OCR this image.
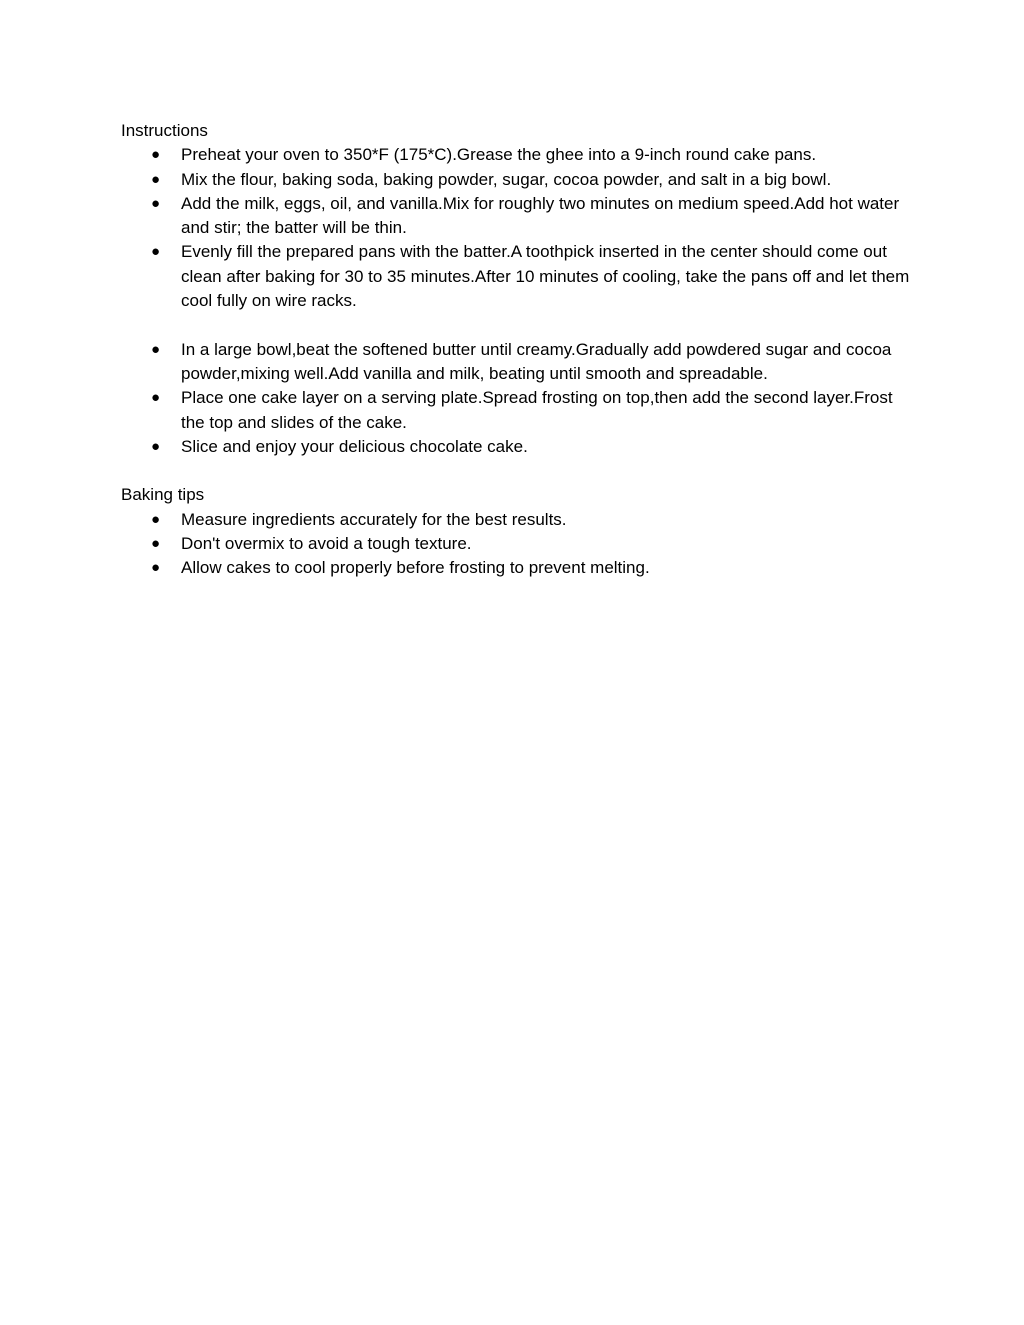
Instructions

● Preheat your oven to 350*F (175*C).Grease the ghee into a 9-inch round cake pans.
● Mix the flour, baking soda, baking powder, sugar, cocoa powder, and salt in a big bowl.
● Add the milk, eggs, oil, and vanilla.Mix for roughly two minutes on medium speed.Add hot water and stir; the batter will be thin.
● Evenly fill the prepared pans with the batter.A toothpick inserted in the center should come out clean after baking for 30 to 35 minutes.After 10 minutes of cooling, take the pans off and let them cool fully on wire racks.
● In a large bowl,beat the softened butter until creamy.Gradually add powdered sugar and cocoa powder,mixing well.Add vanilla and milk, beating until smooth and spreadable.
● Place one cake layer on a serving plate.Spread frosting on top,then add the second layer.Frost the top and slides of the cake.
● Slice and enjoy your delicious chocolate cake.

Baking tips

● Measure ingredients accurately for the best results.
● Don't overmix to avoid a tough texture.
● Allow cakes to cool properly before frosting to prevent melting.
